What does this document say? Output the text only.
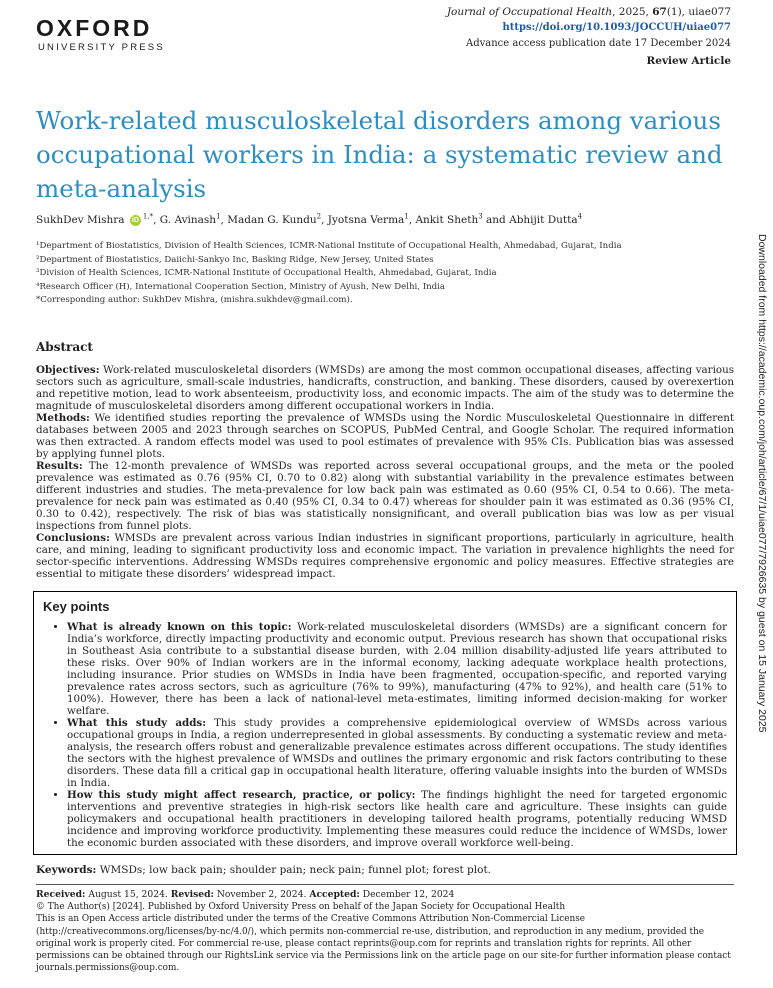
OXFORD
UNIVERSITY PRESS
Journal of Occupational Health, 2025, 67(1), uiae077
https://doi.org/10.1093/JOCCUH/uiae077
Advance access publication date 17 December 2024
Review Article
Work-related musculoskeletal disorders among various occupational workers in India: a systematic review and meta-analysis
SukhDev Mishra iD $^{1,*}$, G. Avinash$^1$, Madan G. Kundu$^2$, Jyotsna Verma$^1$, Ankit Sheth$^3$ and Abhijit Dutta$^4$
¹Department of Biostatistics, Division of Health Sciences, ICMR-National Institute of Occupational Health, Ahmedabad, Gujarat, India
²Department of Biostatistics, Daiichi-Sankyo Inc, Basking Ridge, New Jersey, United States
³Division of Health Sciences, ICMR-National Institute of Occupational Health, Ahmedabad, Gujarat, India
⁴Research Officer (H), International Cooperation Section, Ministry of Ayush, New Delhi, India
*Corresponding author: SukhDev Mishra, (mishra.sukhdev@gmail.com).
Abstract

Objectives: Work-related musculoskeletal disorders (WMSDs) are among the most common occupational diseases, affecting various sectors such as agriculture, small-scale industries, handicrafts, construction, and banking. These disorders, caused by overexertion and repetitive motion, lead to work absenteeism, productivity loss, and economic impacts. The aim of the study was to determine the magnitude of musculoskeletal disorders among different occupational workers in India.

Methods: We identified studies reporting the prevalence of WMSDs using the Nordic Musculoskeletal Questionnaire in different databases between 2005 and 2023 through searches on SCOPUS, PubMed Central, and Google Scholar. The required information was then extracted. A random effects model was used to pool estimates of prevalence with 95% CIs. Publication bias was assessed by applying funnel plots.

Results: The 12-month prevalence of WMSDs was reported across several occupational groups, and the meta or the pooled prevalence was estimated as 0.76 (95% CI, 0.70 to 0.82) along with substantial variability in the prevalence estimates between different industries and studies. The meta-prevalence for low back pain was estimated as 0.60 (95% CI, 0.54 to 0.66). The meta-prevalence for neck pain was estimated as 0.40 (95% CI, 0.34 to 0.47) whereas for shoulder pain it was estimated as 0.36 (95% CI, 0.30 to 0.42), respectively. The risk of bias was statistically nonsignificant, and overall publication bias was low as per visual inspections from funnel plots.

Conclusions: WMSDs are prevalent across various Indian industries in significant proportions, particularly in agriculture, health care, and mining, leading to significant productivity loss and economic impact. The variation in prevalence highlights the need for sector-specific interventions. Addressing WMSDs requires comprehensive ergonomic and policy measures. Effective strategies are essential to mitigate these disorders’ widespread impact.

Key points
• What is already known on this topic: Work-related musculoskeletal disorders (WMSDs) are a significant concern for India’s workforce, directly impacting productivity and economic output. Previous research has shown that occupational risks in Southeast Asia contribute to a substantial disease burden, with 2.04 million disability-adjusted life years attributed to these risks. Over 90% of Indian workers are in the informal economy, lacking adequate workplace health protections, including insurance. Prior studies on WMSDs in India have been fragmented, occupation-specific, and reported varying prevalence rates across sectors, such as agriculture (76% to 99%), manufacturing (47% to 92%), and health care (51% to 100%). However, there has been a lack of national-level meta-estimates, limiting informed decision-making for worker welfare.
• What this study adds: This study provides a comprehensive epidemiological overview of WMSDs across various occupational groups in India, a region underrepresented in global assessments. By conducting a systematic review and meta-analysis, the research offers robust and generalizable prevalence estimates across different occupations. The study identifies the sectors with the highest prevalence of WMSDs and outlines the primary ergonomic and risk factors contributing to these disorders. These data fill a critical gap in occupational health literature, offering valuable insights into the burden of WMSDs in India.
• How this study might affect research, practice, or policy: The findings highlight the need for targeted ergonomic interventions and preventive strategies in high-risk sectors like health care and agriculture. These insights can guide policymakers and occupational health practitioners in developing tailored health programs, potentially reducing WMSD incidence and improving workforce productivity. Implementing these measures could reduce the incidence of WMSDs, lower the economic burden associated with these disorders, and improve overall workforce well-being.
Keywords: WMSDs; low back pain; shoulder pain; neck pain; funnel plot; forest plot.
Received: August 15, 2024. Revised: November 2, 2024. Accepted: December 12, 2024
© The Author(s) [2024]. Published by Oxford University Press on behalf of the Japan Society for Occupational Health
This is an Open Access article distributed under the terms of the Creative Commons Attribution Non-Commercial License (http://creativecommons.org/licenses/by-nc/4.0/), which permits non-commercial re-use, distribution, and reproduction in any medium, provided the original work is properly cited. For commercial re-use, please contact reprints@oup.com for reprints and translation rights for reprints. All other permissions can be obtained through our RightsLink service via the Permissions link on the article page on our site-for further information please contact journals.permissions@oup.com.
Downloaded from https://academic.oup.com/joh/article/67/1/uiae077/7926635 by guest on 15 January 2025
